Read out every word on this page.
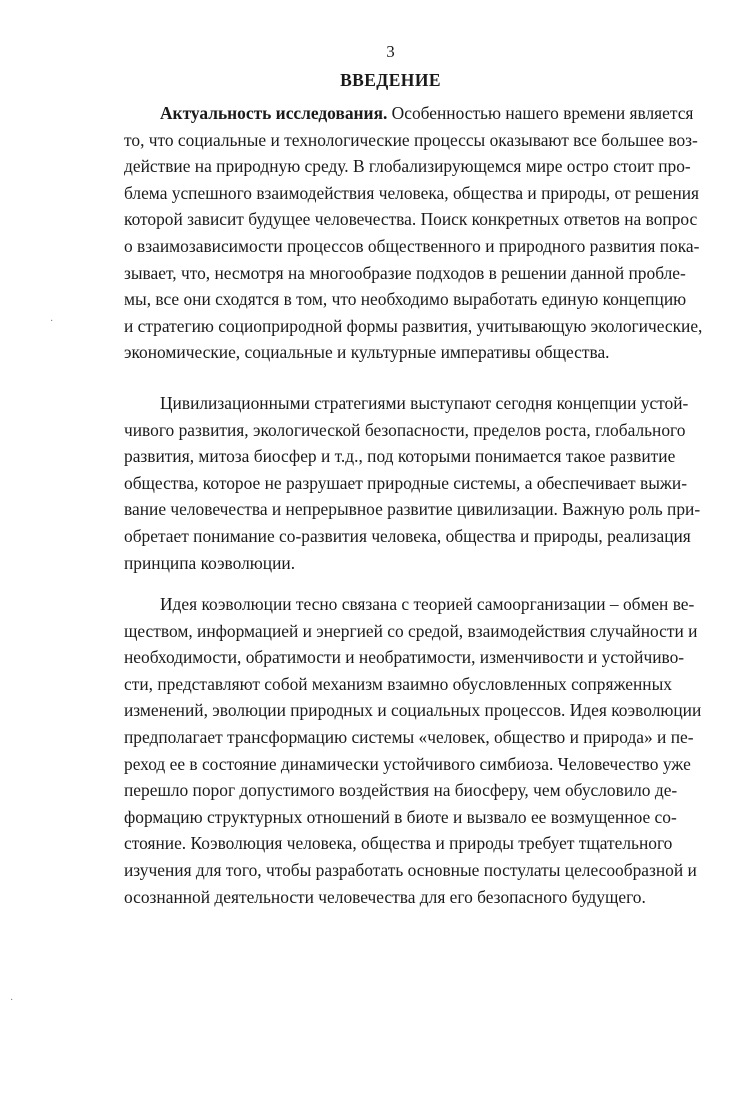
3
ВВЕДЕНИЕ
Актуальность исследования. Особенностью нашего времени является
то, что социальные и технологические процессы оказывают все большее воз-
действие на природную среду. В глобализирующемся мире остро стоит про-
блема успешного взаимодействия человека, общества и природы, от решения
которой зависит будущее человечества. Поиск конкретных ответов на вопрос
о взаимозависимости процессов общественного и природного развития пока-
зывает, что, несмотря на многообразие подходов в решении данной пробле-
мы, все они сходятся в том, что необходимо выработать единую концепцию
и стратегию социоприродной формы развития, учитывающую экологические,
экономические, социальные и культурные императивы общества.
Цивилизационными стратегиями выступают сегодня концепции устой-
чивого развития, экологической безопасности, пределов роста, глобального
развития, митоза биосфер и т.д., под которыми понимается такое развитие
общества, которое не разрушает природные системы, а обеспечивает выжи-
вание человечества и непрерывное развитие цивилизации. Важную роль при-
обретает понимание со-развития человека, общества и природы, реализация
принципа коэволюции.
Идея коэволюции тесно связана с теорией самоорганизации – обмен ве-
ществом, информацией и энергией со средой, взаимодействия случайности и
необходимости, обратимости и необратимости, изменчивости и устойчиво-
сти, представляют собой механизм взаимно обусловленных сопряженных
изменений, эволюции природных и социальных процессов. Идея коэволюции
предполагает трансформацию системы «человек, общество и природа» и пе-
реход ее в состояние динамически устойчивого симбиоза. Человечество уже
перешло порог допустимого воздействия на биосферу, чем обусловило де-
формацию структурных отношений в биоте и вызвало ее возмущенное со-
стояние. Коэволюция человека, общества и природы требует тщательного
изучения для того, чтобы разработать основные постулаты целесообразной и
осознанной деятельности человечества для его безопасного будущего.
·
·
